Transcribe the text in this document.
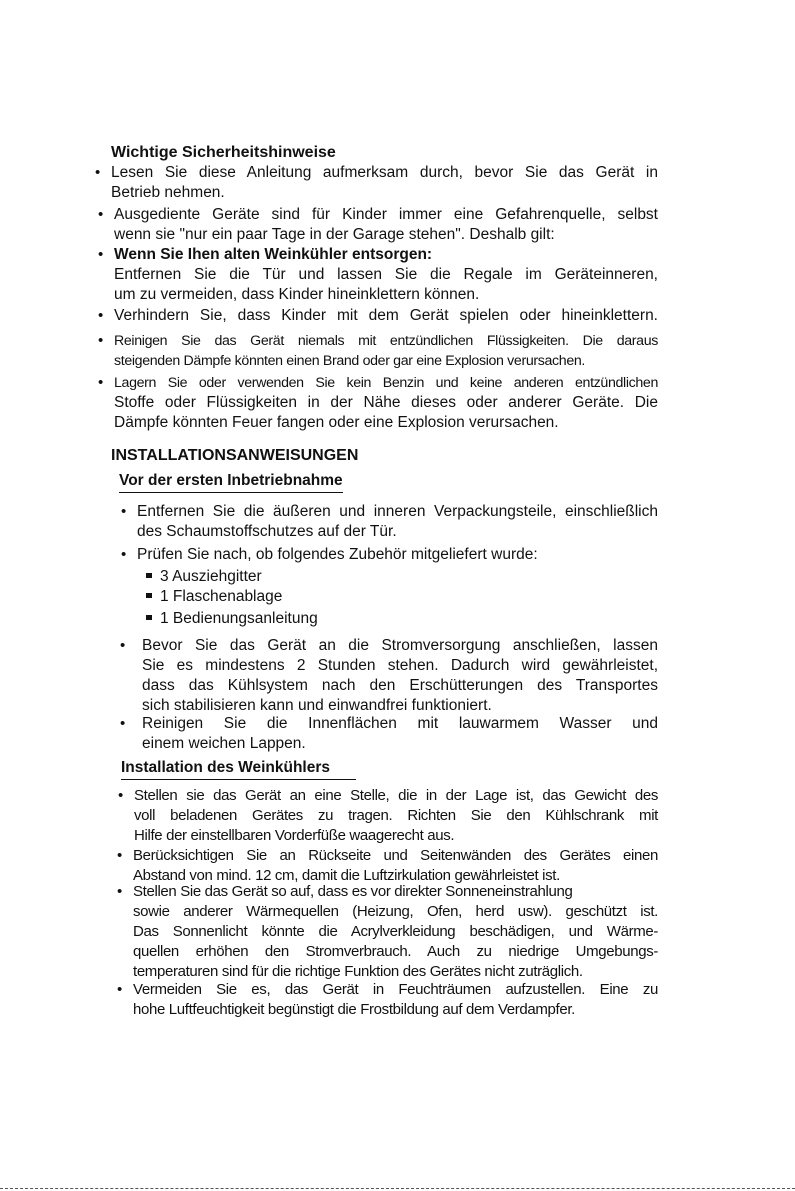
Wichtige Sicherheitshinweise
• Lesen Sie diese Anleitung aufmerksam durch, bevor Sie das Gerät in
Betrieb nehmen.
• Ausgediente Geräte sind für Kinder immer eine Gefahrenquelle, selbst
wenn sie "nur ein paar Tage in der Garage stehen". Deshalb gilt:
• Wenn Sie Ihen alten Weinkühler entsorgen:
Entfernen Sie die Tür und lassen Sie die Regale im Geräteinneren,
um zu vermeiden, dass Kinder hineinklettern können.
• Verhindern Sie, dass Kinder mit dem Gerät spielen oder hineinklettern.
• Reinigen Sie das Gerät niemals mit entzündlichen Flüssigkeiten. Die daraus
steigenden Dämpfe könnten einen Brand oder gar eine Explosion verursachen.
• Lagern Sie oder verwenden Sie kein Benzin und keine anderen entzündlichen
Stoffe oder Flüssigkeiten in der Nähe dieses oder anderer Geräte. Die
Dämpfe könnten Feuer fangen oder eine Explosion verursachen.
INSTALLATIONSANWEISUNGEN
Vor der ersten Inbetriebnahme
• Entfernen Sie die äußeren und inneren Verpackungsteile, einschließlich
des Schaumstoffschutzes auf der Tür.
• Prüfen Sie nach, ob folgendes Zubehör mitgeliefert wurde:
3 Ausziehgitter
1 Flaschenablage
1 Bedienungsanleitung
• Bevor Sie das Gerät an die Stromversorgung anschließen, lassen
Sie es mindestens 2 Stunden stehen. Dadurch wird gewährleistet,
dass das Kühlsystem nach den Erschütterungen des Transportes
sich stabilisieren kann und einwandfrei funktioniert.
• Reinigen Sie die Innenflächen mit lauwarmem Wasser und
einem weichen Lappen.
Installation des Weinkühlers
• Stellen sie das Gerät an eine Stelle, die in der Lage ist, das Gewicht des
voll beladenen Gerätes zu tragen. Richten Sie den Kühlschrank mit
Hilfe der einstellbaren Vorderfüße waagerecht aus.
• Berücksichtigen Sie an Rückseite und Seitenwänden des Gerätes einen
Abstand von mind. 12 cm, damit die Luftzirkulation gewährleistet ist.
• Stellen Sie das Gerät so auf, dass es vor direkter Sonneneinstrahlung
sowie anderer Wärmequellen (Heizung, Ofen, herd usw). geschützt ist.
Das Sonnenlicht könnte die Acrylverkleidung beschädigen, und Wärme-
quellen erhöhen den Stromverbrauch. Auch zu niedrige Umgebungs-
temperaturen sind für die richtige Funktion des Gerätes nicht zuträglich.
• Vermeiden Sie es, das Gerät in Feuchträumen aufzustellen. Eine zu
hohe Luftfeuchtigkeit begünstigt die Frostbildung auf dem Verdampfer.
